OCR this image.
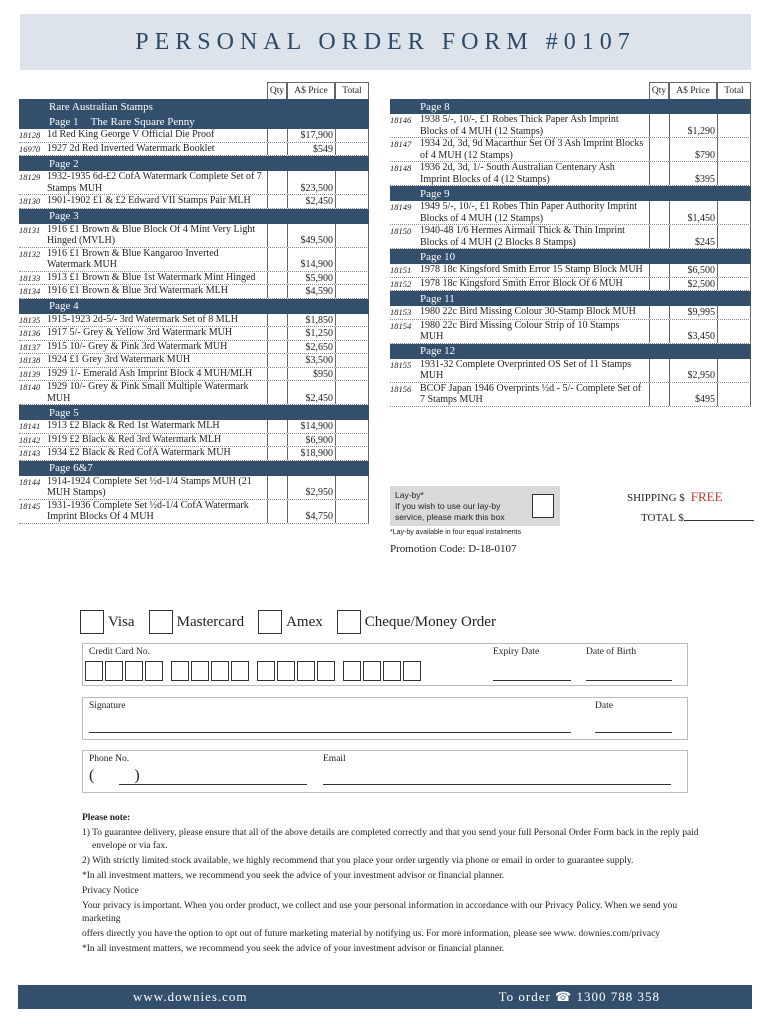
PERSONAL ORDER FORM #0107
Qty	A$ Price	Total
Rare Australian Stamps
Page 1 The Rare Square Penny
18128 1d Red King George V Official Die Proof	$17,900
16970 1927 2d Red Inverted Watermark Booklet	$549
Page 2
18129 1932-1935 6d-£2 CofA Watermark Complete Set of 7 Stamps MUH	$23,500
18130 1901-1902 £1 & £2 Edward VII Stamps Pair MLH	$2,450
Page 3
18131 1916 £1 Brown & Blue Block Of 4 Mint Very Light Hinged (MVLH)	$49,500
18132 1916 £1 Brown & Blue Kangaroo Inverted Watermark MUH	$14,900
18133 1913 £1 Brown & Blue 1st Watermark Mint Hinged	$5,900
18134 1916 £1 Brown & Blue 3rd Watermark MLH	$4,590
Page 4
18135 1915-1923 2d-5/- 3rd Watermark Set of 8 MLH	$1,850
18136 1917 5/- Grey & Yellow 3rd Watermark MUH	$1,250
18137 1915 10/- Grey & Pink 3rd Watermark MUH	$2,650
18138 1924 £1 Grey 3rd Watermark MUH	$3,500
18139 1929 1/- Emerald Ash Imprint Block 4 MUH/MLH	$950
18140 1929 10/- Grey & Pink Small Multiple Watermark MUH	$2,450
Page 5
18141 1913 £2 Black & Red 1st Watermark MLH	$14,900
18142 1919 £2 Black & Red 3rd Watermark MLH	$6,900
18143 1934 £2 Black & Red CofA Watermark MUH	$18,900
Page 6&7
18144 1914-1924 Complete Set ½d-1/4 Stamps MUH (21 MUH Stamps)	$2,950
18145 1931-1936 Complete Set ½d-1/4 CofA Watermark Imprint Blocks Of 4 MUH	$4,750
Qty	A$ Price	Total
Page 8
18146 1938 5/-, 10/-, £1 Robes Thick Paper Ash Imprint Blocks of 4 MUH (12 Stamps)	$1,290
18147 1934 2d, 3d, 9d Macarthur Set Of 3 Ash Imprint Blocks of 4 MUH (12 Stamps)	$790
18148 1936 2d, 3d, 1/- South Australian Centenary Ash Imprint Blocks of 4 (12 Stamps)	$395
Page 9
18149 1949 5/-, 10/-, £1 Robes Thin Paper Authority Imprint Blocks of 4 MUH (12 Stamps)	$1,450
18150 1940-48 1/6 Hermes Airmail Thick & Thin Imprint Blocks of 4 MUH (2 Blocks 8 Stamps)	$245
Page 10
18151 1978 18c Kingsford Smith Error 15 Stamp Block MUH	$6,500
18152 1978 18c Kingsford Smith Error Block Of 6 MUH	$2,500
Page 11
18153 1980 22c Bird Missing Colour 30-Stamp Block MUH	$9,995
18154 1980 22c Bird Missing Colour Strip of 10 Stamps MUH	$3,450
Page 12
18155 1931-32 Complete Overprinted OS Set of 11 Stamps MUH	$2,950
18156 BCOF Japan 1946 Overprints ½d - 5/- Complete Set of 7 Stamps MUH	$495
Lay-by*
If you wish to use our lay-by service, please mark this box
*Lay-by available in four equal instalments
Promotion Code: D-18-0107
SHIPPING $ FREE
TOTAL $
Visa	Mastercard	Amex	Cheque/Money Order
Credit Card No.	Expiry Date	Date of Birth
Signature	Date
Phone No.	Email
(          )

Please note:

1) To guarantee delivery, please ensure that all of the above details are completed correctly and that you send your full Personal Order Form back in the reply paid envelope or via fax.

2) With strictly limited stock available, we highly recommend that you place your order urgently via phone or email in order to guarantee supply.

*In all investment matters, we recommend you seek the advice of your investment advisor or financial planner.

Privacy Notice

Your privacy is important. When you order product, we collect and use your personal information in accordance with our Privacy Policy. When we send you marketing

offers directly you have the option to opt out of future marketing material by notifying us. For more information, please see www. downies.com/privacy

*In all investment matters, we recommend you seek the advice of your investment advisor or financial planner.

www.downies.com	To order ☎ 1300 788 358
